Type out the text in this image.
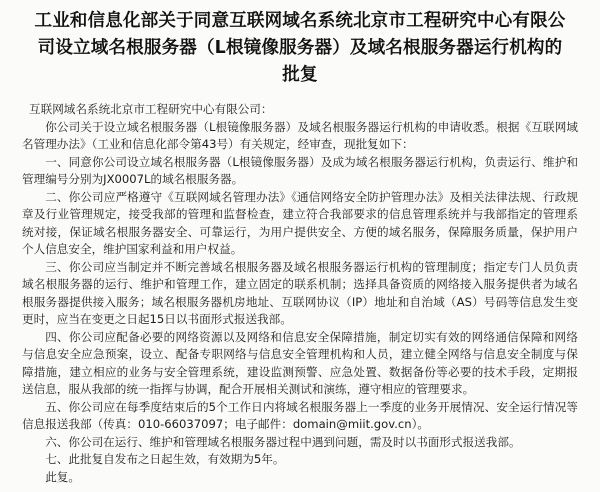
工业和信息化部关于同意互联网域名系统北京市工程研究中心有限公
司设立域名根服务器（L根镜像服务器）及域名根服务器运行机构的
批复

互联网域名系统北京市工程研究中心有限公司：

你公司关于设立域名根服务器（L根镜像服务器）及域名根服务器运行机构的申请收悉。根据《互联网域名管理办法》（工业和信息化部令第43号）有关规定，经审查，现批复如下：

一、同意你公司设立域名根服务器（L根镜像服务器）及成为域名根服务器运行机构，负责运行、维护和管理编号分别为JX0007L的域名根服务器。

二、你公司应严格遵守《互联网域名管理办法》《通信网络安全防护管理办法》及相关法律法规、行政规章及行业管理规定，接受我部的管理和监督检查，建立符合我部要求的信息管理系统并与我部指定的管理系统对接，保证域名根服务器安全、可靠运行，为用户提供安全、方便的域名服务，保障服务质量，保护用户个人信息安全，维护国家利益和用户权益。

三、你公司应当制定并不断完善域名根服务器及域名根服务器运行机构的管理制度；指定专门人员负责域名根服务器的运行、维护和管理工作，建立固定的联系机制；选择具备资质的网络接入服务提供者为域名根服务器提供接入服务；域名根服务器机房地址、互联网协议（IP）地址和自治域（AS）号码等信息发生变更时，应当在变更之日起15日以书面形式报送我部。

四、你公司应配备必要的网络资源以及网络和信息安全保障措施，制定切实有效的网络通信保障和网络与信息安全应急预案，设立、配备专职网络与信息安全管理机构和人员，建立健全网络与信息安全制度与保障措施，建立相应的业务与安全管理系统，建设监测预警、应急处置、数据备份等必要的技术手段，定期报送信息，服从我部的统一指挥与协调，配合开展相关测试和演练，遵守相应的管理要求。

五、你公司应在每季度结束后的5个工作日内将域名根服务器上一季度的业务开展情况、安全运行情况等信息报送我部（传真：010-66037097；电子邮件：domain@miit.gov.cn）。

六、你公司在运行、维护和管理域名根服务器过程中遇到问题，需及时以书面形式报送我部。

七、此批复自发布之日起生效，有效期为5年。

此复。
